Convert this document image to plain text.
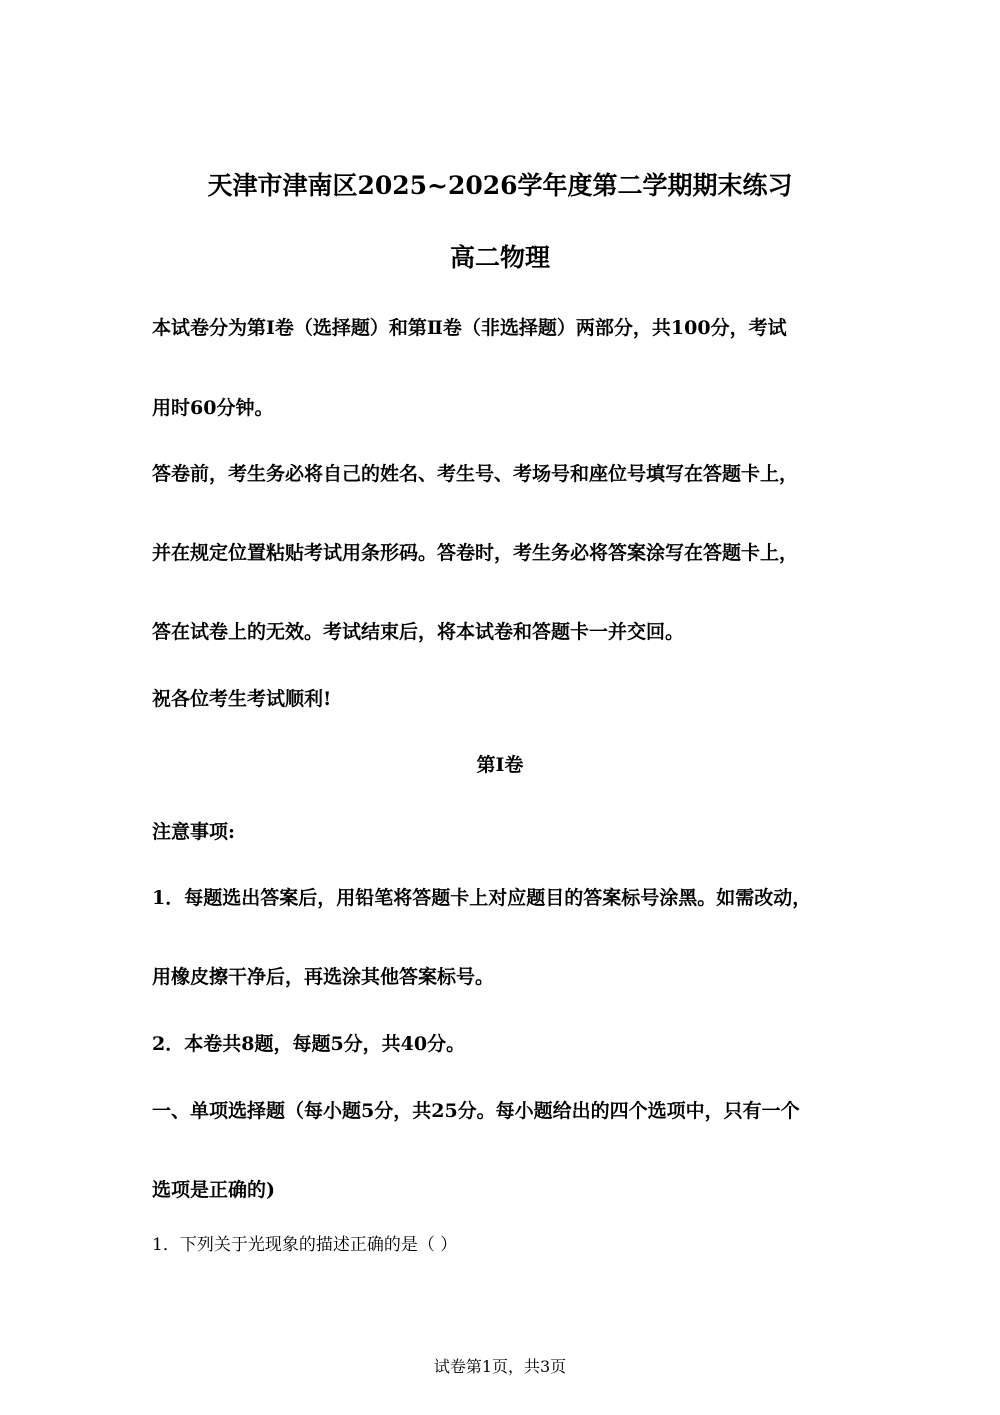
天津市津南区2025~2026学年度第二学期期末练习
高二物理
本试卷分为第Ⅰ卷（选择题）和第Ⅱ卷（非选择题）两部分，共100分，考试
用时60分钟。
答卷前，考生务必将自己的姓名、考生号、考场号和座位号填写在答题卡上，
并在规定位置粘贴考试用条形码。答卷时，考生务必将答案涂写在答题卡上，
答在试卷上的无效。考试结束后，将本试卷和答题卡一并交回。
祝各位考生考试顺利!
第Ⅰ卷
注意事项:
1．每题选出答案后，用铅笔将答题卡上对应题目的答案标号涂黑。如需改动，
用橡皮擦干净后，再选涂其他答案标号。
2．本卷共8题，每题5分，共40分。
一、单项选择题（每小题5分，共25分。每小题给出的四个选项中，只有一个
选项是正确的)
1．下列关于光现象的描述正确的是（ ）
试卷第1页，共3页
